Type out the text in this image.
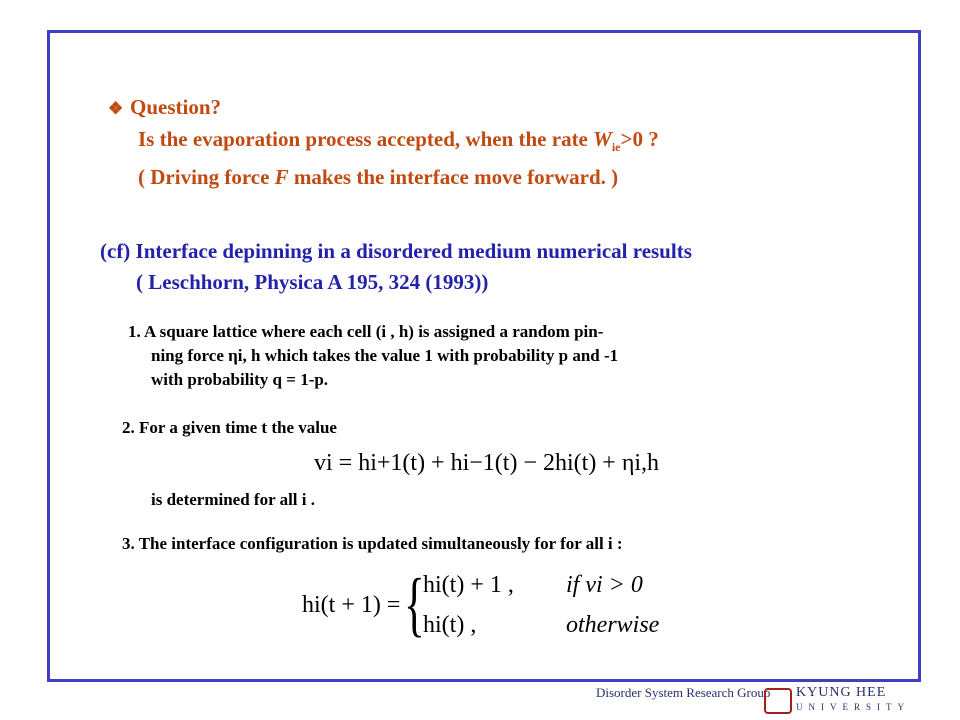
❖ Question?
Is the evaporation process accepted, when the rate $W_{ie}>0$ ?
( Driving force F makes the interface move forward. )
(cf) Interface depinning in a disordered medium numerical results
( Leschhorn, Physica A 195, 324 (1993))
1. A square lattice where each cell (i , h) is assigned a random pin-
ning force ηi, h which takes the value 1 with probability p and -1
with probability q = 1-p.
2. For a given time t the value
vi = hi+1(t) + hi−1(t) − 2hi(t) + ηi,h
is determined for all i .
3. The interface configuration is updated simultaneously for for all i :
hi(t + 1) = {
hi(t) + 1 , if vi > 0
hi(t) ,	otherwise
Disorder System Research Group KYUNG HEE
UNIVERSITY
